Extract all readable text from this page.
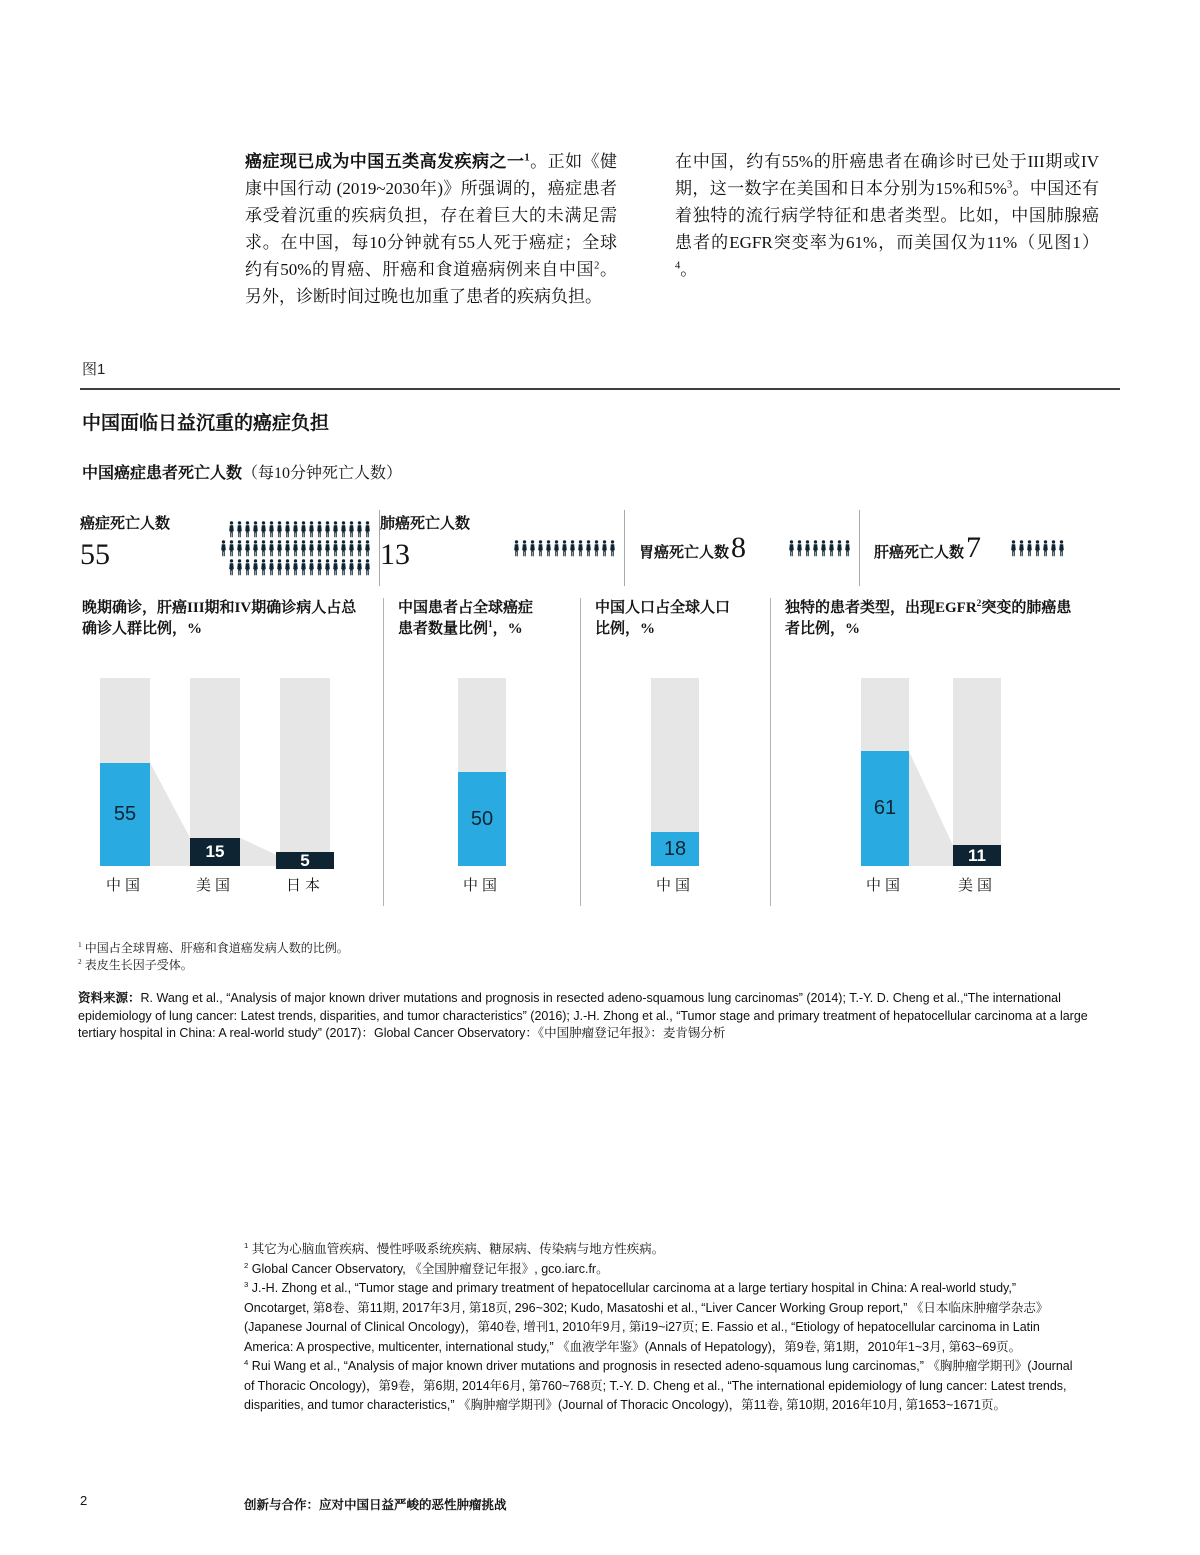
癌症现已成为中国五类高发疾病之一$^1$。正如《健康中国行动 (2019~2030年)》所强调的，癌症患者承受着沉重的疾病负担，存在着巨大的未满足需求。在中国，每10分钟就有55人死于癌症；全球约有50%的胃癌、肝癌和食道癌病例来自中国$^2$。另外，诊断时间过晚也加重了患者的疾病负担。

在中国，约有55%的肝癌患者在确诊时已处于III期或IV期，这一数字在美国和日本分别为15%和5%$^3$。中国还有着独特的流行病学特征和患者类型。比如，中国肺腺癌患者的EGFR突变率为61%，而美国仅为11%（见图1）$^4$。

图1
中国面临日益沉重的癌症负担
中国癌症患者死亡人数（每10分钟死亡人数）
癌症死亡人数
55
肺癌死亡人数
13	胃癌死亡人数 8	肝癌死亡人数 7
晚期确诊，肝癌III期和IV期确诊病人占总确诊人群比例，%
55
中国
15
美国
5
日本
中国患者占全球癌症患者数量比例$^1$，%
50
中国
中国人口占全球人口比例，%
18
中国
独特的患者类型，出现EGFR$^2$突变的肺癌患者比例，%
61
中国
11
美国
$^1$ 中国占全球胃癌、肝癌和食道癌发病人数的比例。
$^2$ 表皮生长因子受体。
资料来源：R. Wang et al., “Analysis of major known driver mutations and prognosis in resected adeno-squamous lung carcinomas” (2014); T.-Y. D. Cheng et al.,“The international epidemiology of lung cancer: Latest trends, disparities, and tumor characteristics” (2016); J.-H. Zhong et al., “Tumor stage and primary treatment of hepatocellular carcinoma at a large tertiary hospital in China: A real-world study” (2017)：Global Cancer Observatory：《中国肿瘤登记年报》：麦肯锡分析
$^1$ 其它为心脑血管疾病、慢性呼吸系统疾病、糖尿病、传染病与地方性疾病。
$^2$ Global Cancer Observatory, 《全国肿瘤登记年报》, gco.iarc.fr。
$^3$ J.-H. Zhong et al., “Tumor stage and primary treatment of hepatocellular carcinoma at a large tertiary hospital in China: A real-world study,” Oncotarget, 第8卷、第11期, 2017年3月, 第18页, 296~302; Kudo, Masatoshi et al., “Liver Cancer Working Group report,” 《日本临床肿瘤学杂志》(Japanese Journal of Clinical Oncology)，第40卷, 增刊1, 2010年9月, 第i19~i27页; E. Fassio et al., “Etiology of hepatocellular carcinoma in Latin America: A prospective, multicenter, international study,” 《血液学年鉴》(Annals of Hepatology)，第9卷, 第1期，2010年1~3月, 第63~69页。
$^4$ Rui Wang et al., “Analysis of major known driver mutations and prognosis in resected adeno-squamous lung carcinomas,” 《胸肿瘤学期刊》(Journal of Thoracic Oncology)，第9卷，第6期, 2014年6月, 第760~768页; T.-Y. D. Cheng et al., “The international epidemiology of lung cancer: Latest trends, disparities, and tumor characteristics,” 《胸肿瘤学期刊》(Journal of Thoracic Oncology)，第11卷, 第10期, 2016年10月, 第1653~1671页。
2	创新与合作：应对中国日益严峻的恶性肿瘤挑战
